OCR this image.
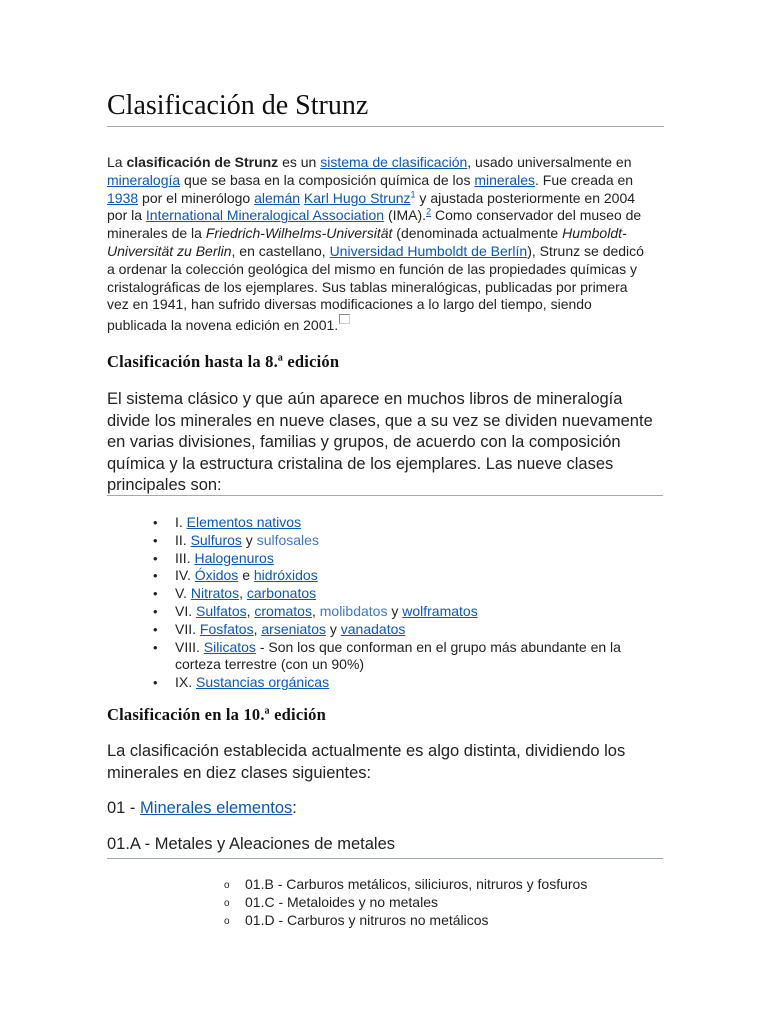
Clasificación de Strunz

La clasificación de Strunz es un sistema de clasificación, usado universalmente en mineralogía que se basa en la composición química de los minerales. Fue creada en 1938 por el minerólogo alemán Karl Hugo Strunz$^1$ y ajustada posteriormente en 2004 por la International Mineralogical Association (IMA).$^2$ Como conservador del museo de minerales de la Friedrich-Wilhelms-Universität (denominada actualmente Humboldt-Universität zu Berlin, en castellano, Universidad Humboldt de Berlín), Strunz se dedicó a ordenar la colección geológica del mismo en función de las propiedades químicas y cristalográficas de los ejemplares. Sus tablas mineralógicas, publicadas por primera vez en 1941, han sufrido diversas modificaciones a lo largo del tiempo, siendo publicada la novena edición en 2001.

Clasificación hasta la 8.ª edición

El sistema clásico y que aún aparece en muchos libros de mineralogía divide los minerales en nueve clases, que a su vez se dividen nuevamente en varias divisiones, familias y grupos, de acuerdo con la composición química y la estructura cristalina de los ejemplares. Las nueve clases principales son:

• I. Elementos nativos
• II. Sulfuros y sulfosales
• III. Halogenuros
• IV. Óxidos e hidróxidos
• V. Nitratos, carbonatos
• VI. Sulfatos, cromatos, molibdatos y wolframatos
• VII. Fosfatos, arseniatos y vanadatos
• VIII. Silicatos - Son los que conforman en el grupo más abundante en la corteza terrestre (con un 90%)
• IX. Sustancias orgánicas
Clasificación en la 10.ª edición

La clasificación establecida actualmente es algo distinta, dividiendo los minerales en diez clases siguientes:

01 - Minerales elementos:

01.A - Metales y Aleaciones de metales

o 01.B - Carburos metálicos, siliciuros, nitruros y fosfuros
o 01.C - Metaloides y no metales
o 01.D - Carburos y nitruros no metálicos
